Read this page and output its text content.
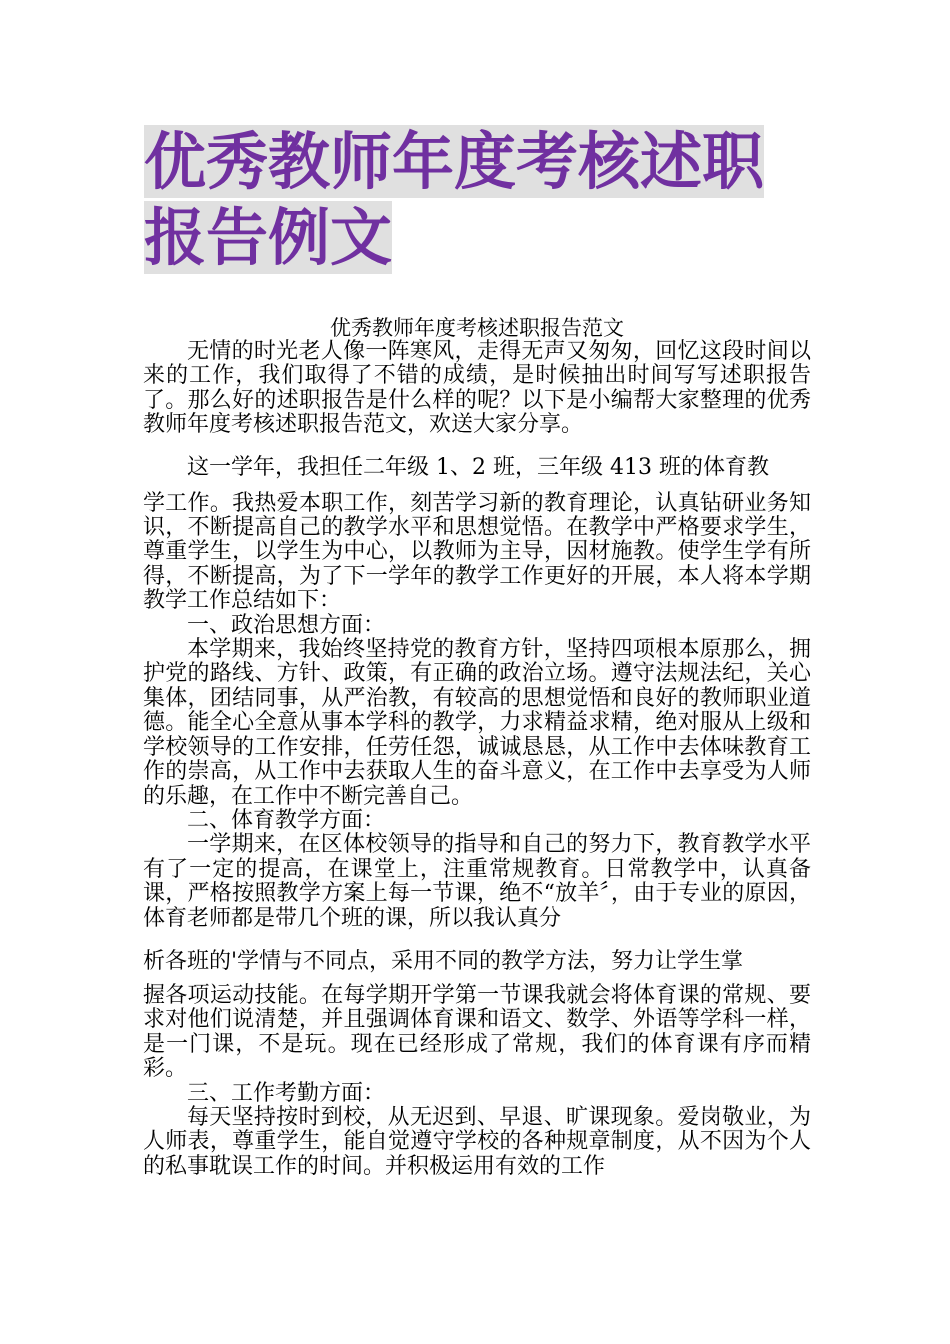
优秀教师年度考核述职报告例文

优秀教师年度考核述职报告范文

无情的时光老人像一阵寒风，走得无声又匆匆，回忆这段时间以来的工作，我们取得了不错的成绩，是时候抽出时间写写述职报告了。那么好的述职报告是什么样的呢？以下是小编帮大家整理的优秀教师年度考核述职报告范文，欢送大家分享。

这一学年，我担任二年级 1、2 班，三年级 413 班的体育教

学工作。我热爱本职工作，刻苦学习新的教育理论，认真钻研业务知识，不断提高自己的教学水平和思想觉悟。在教学中严格要求学生，尊重学生，以学生为中心，以教师为主导，因材施教。使学生学有所得，不断提高，为了下一学年的教学工作更好的开展，本人将本学期教学工作总结如下：

一、政治思想方面：

本学期来，我始终坚持党的教育方针，坚持四项根本原那么，拥护党的路线、方针、政策，有正确的政治立场。遵守法规法纪，关心集体，团结同事，从严治教，有较高的思想觉悟和良好的教师职业道德。能全心全意从事本学科的教学，力求精益求精，绝对服从上级和学校领导的工作安排，任劳任怨，诚诚恳恳，从工作中去体味教育工作的崇高，从工作中去获取人生的奋斗意义，在工作中去享受为人师的乐趣，在工作中不断完善自己。

二、体育教学方面：

一学期来，在区体校领导的指导和自己的努力下，教育教学水平有了一定的提高，在课堂上，注重常规教育。日常教学中，认真备课，严格按照教学方案上每一节课，绝不“放羊〞，由于专业的原因，体育老师都是带几个班的课，所以我认真分

析各班的'学情与不同点，采用不同的教学方法，努力让学生掌

握各项运动技能。在每学期开学第一节课我就会将体育课的常规、要求对他们说清楚，并且强调体育课和语文、数学、外语等学科一样，是一门课，不是玩。现在已经形成了常规，我们的体育课有序而精彩。

三、工作考勤方面：

每天坚持按时到校，从无迟到、早退、旷课现象。爱岗敬业，为人师表，尊重学生，能自觉遵守学校的各种规章制度，从不因为个人的私事耽误工作的时间。并积极运用有效的工作
